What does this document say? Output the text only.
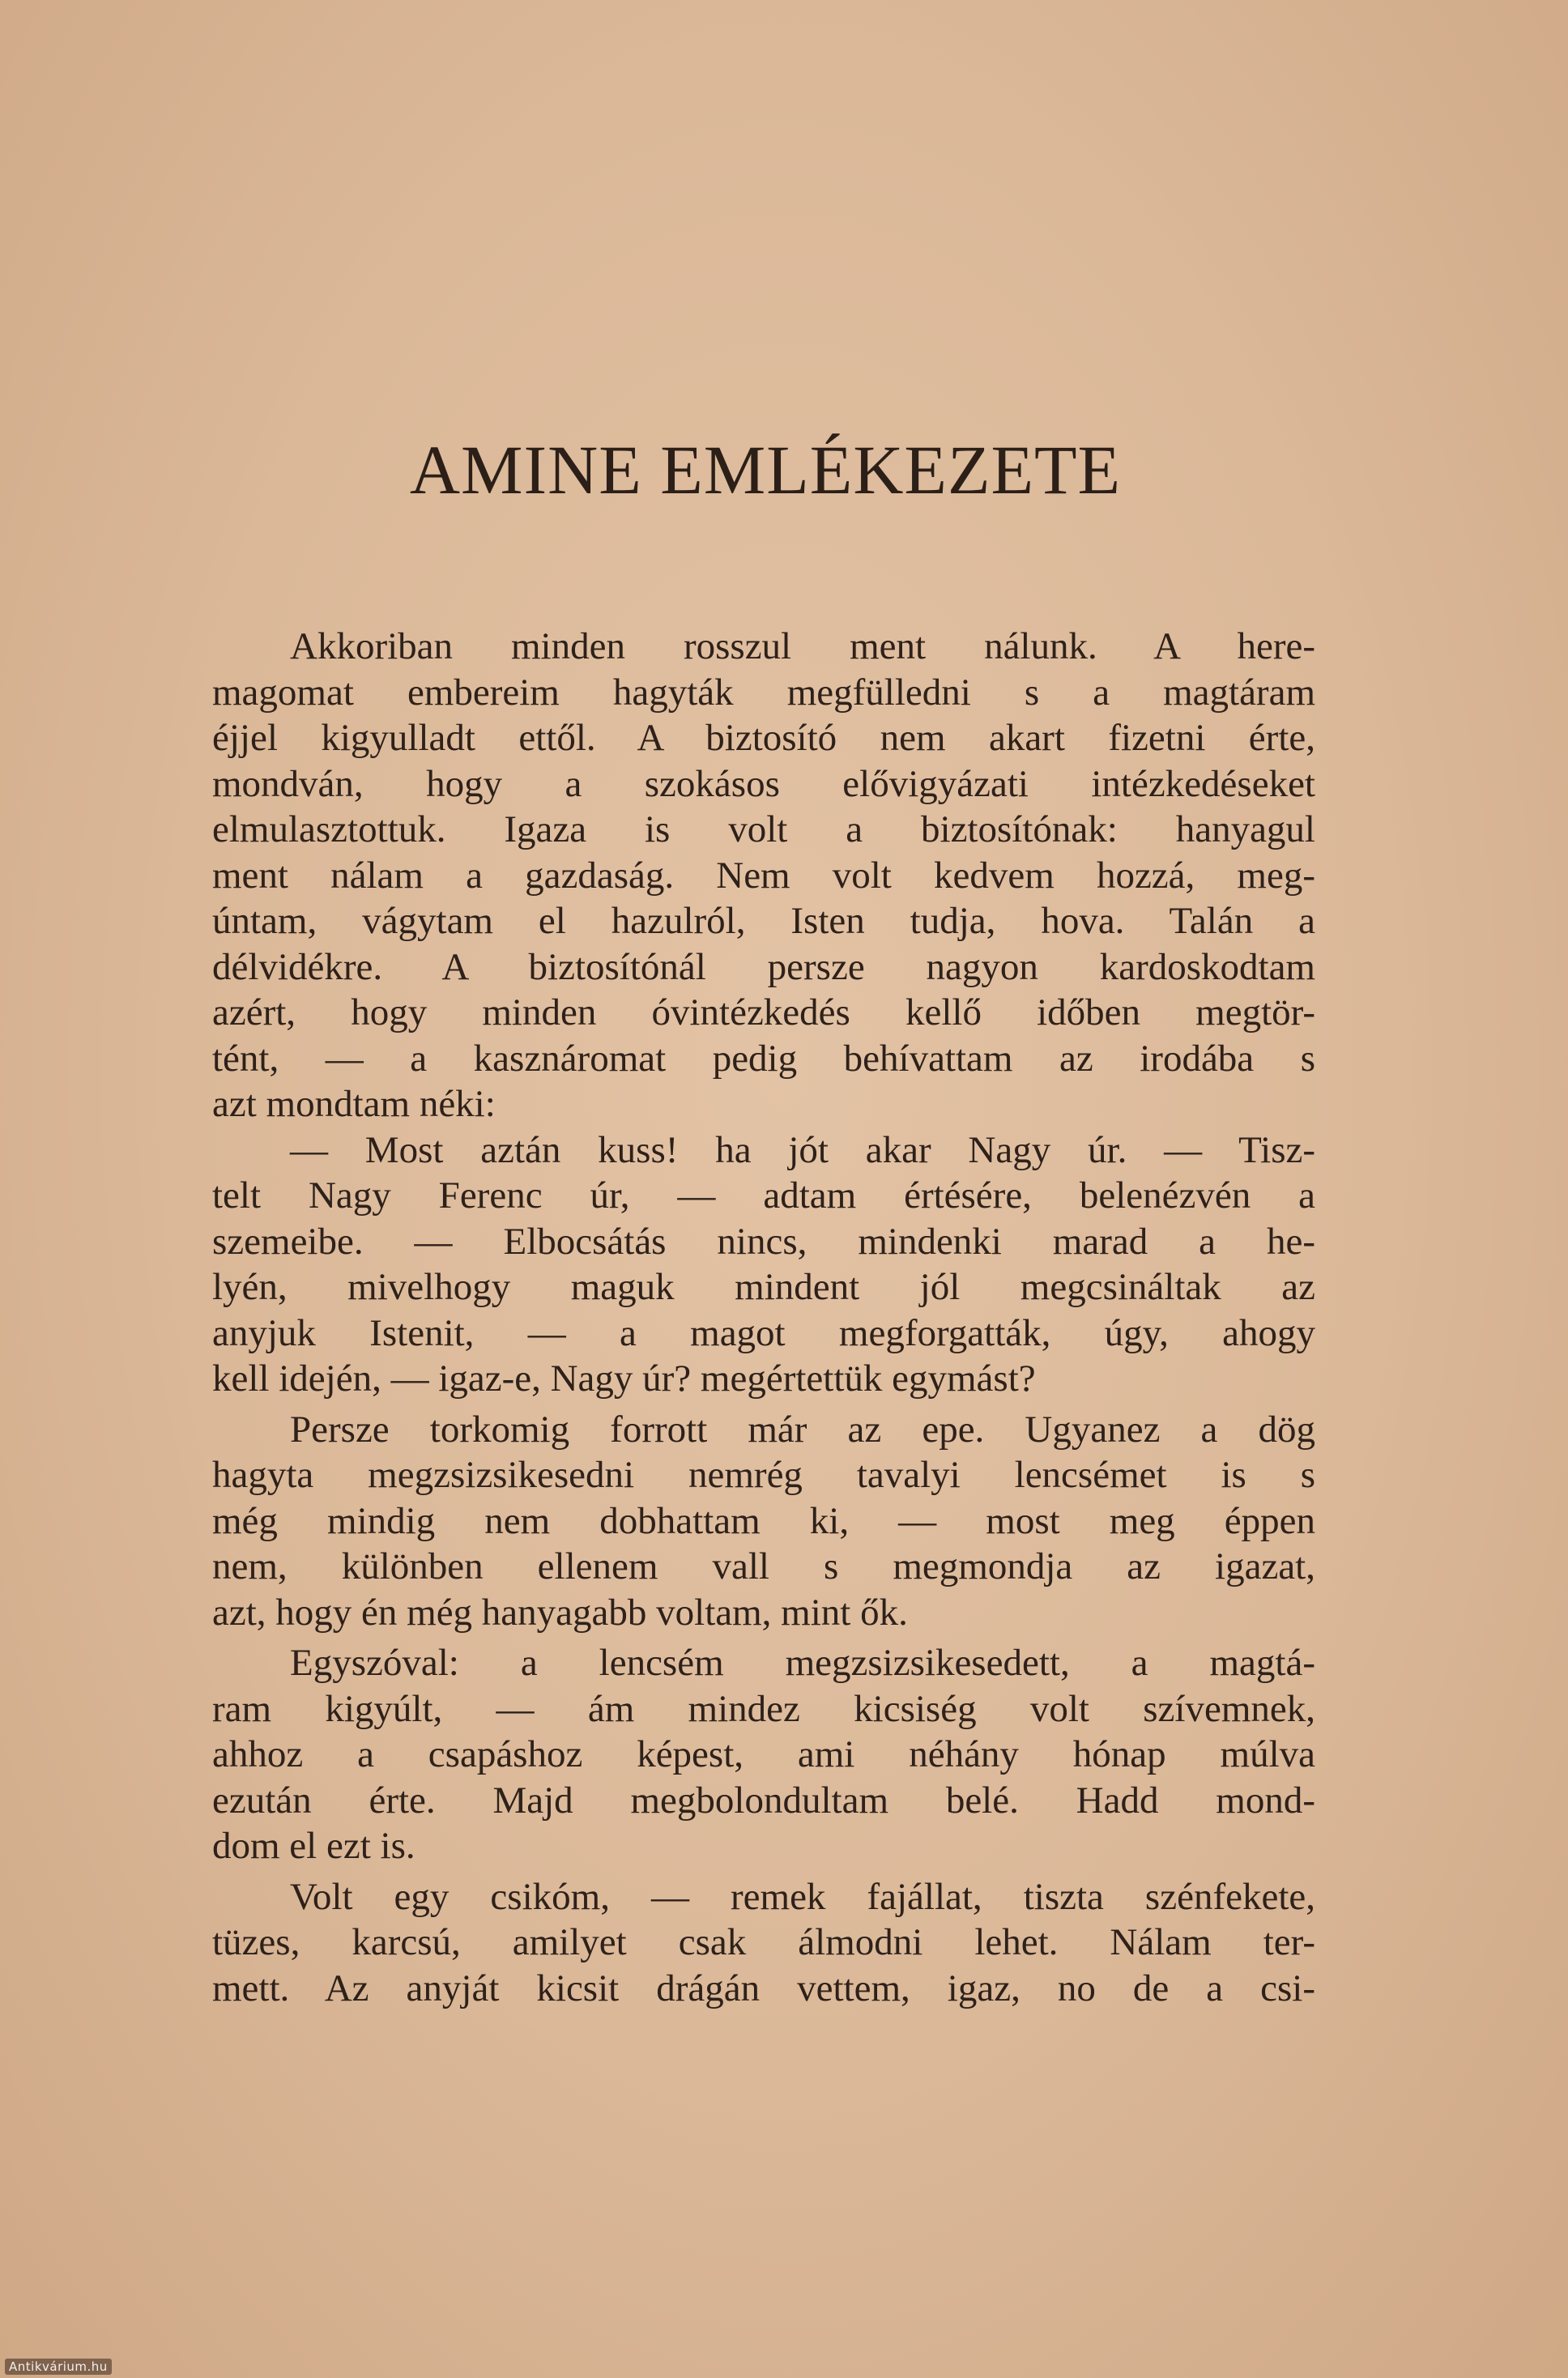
AMINE EMLÉKEZETE
Akkoriban minden rosszul ment nálunk. A here-
magomat embereim hagyták megfülledni s a magtáram
éjjel kigyulladt ettől. A biztosító nem akart fizetni érte,
mondván, hogy a szokásos elővigyázati intézkedéseket
elmulasztottuk. Igaza is volt a biztosítónak: hanyagul
ment nálam a gazdaság. Nem volt kedvem hozzá, meg-
úntam, vágytam el hazulról, Isten tudja, hova. Talán a
délvidékre. A biztosítónál persze nagyon kardoskodtam
azért, hogy minden óvintézkedés kellő időben megtör-
tént, — a kasznáromat pedig behívattam az irodába s
azt mondtam néki:
— Most aztán kuss! ha jót akar Nagy úr. — Tisz-
telt Nagy Ferenc úr, — adtam értésére, belenézvén a
szemeibe. — Elbocsátás nincs, mindenki marad a he-
lyén, mivelhogy maguk mindent jól megcsináltak az
anyjuk Istenit, — a magot megforgatták, úgy, ahogy
kell idején, — igaz-e, Nagy úr? megértettük egymást?
Persze torkomig forrott már az epe. Ugyanez a dög
hagyta megzsizsikesedni nemrég tavalyi lencsémet is s
még mindig nem dobhattam ki, — most meg éppen
nem, különben ellenem vall s megmondja az igazat,
azt, hogy én még hanyagabb voltam, mint ők.
Egyszóval: a lencsém megzsizsikesedett, a magtá-
ram kigyúlt, — ám mindez kicsiség volt szívemnek,
ahhoz a csapáshoz képest, ami néhány hónap múlva
ezután érte. Majd megbolondultam belé. Hadd mond-
dom el ezt is.
Volt egy csikóm, — remek fajállat, tiszta szénfekete,
tüzes, karcsú, amilyet csak álmodni lehet. Nálam ter-
mett. Az anyját kicsit drágán vettem, igaz, no de a csi-
Antikvárium.hu
